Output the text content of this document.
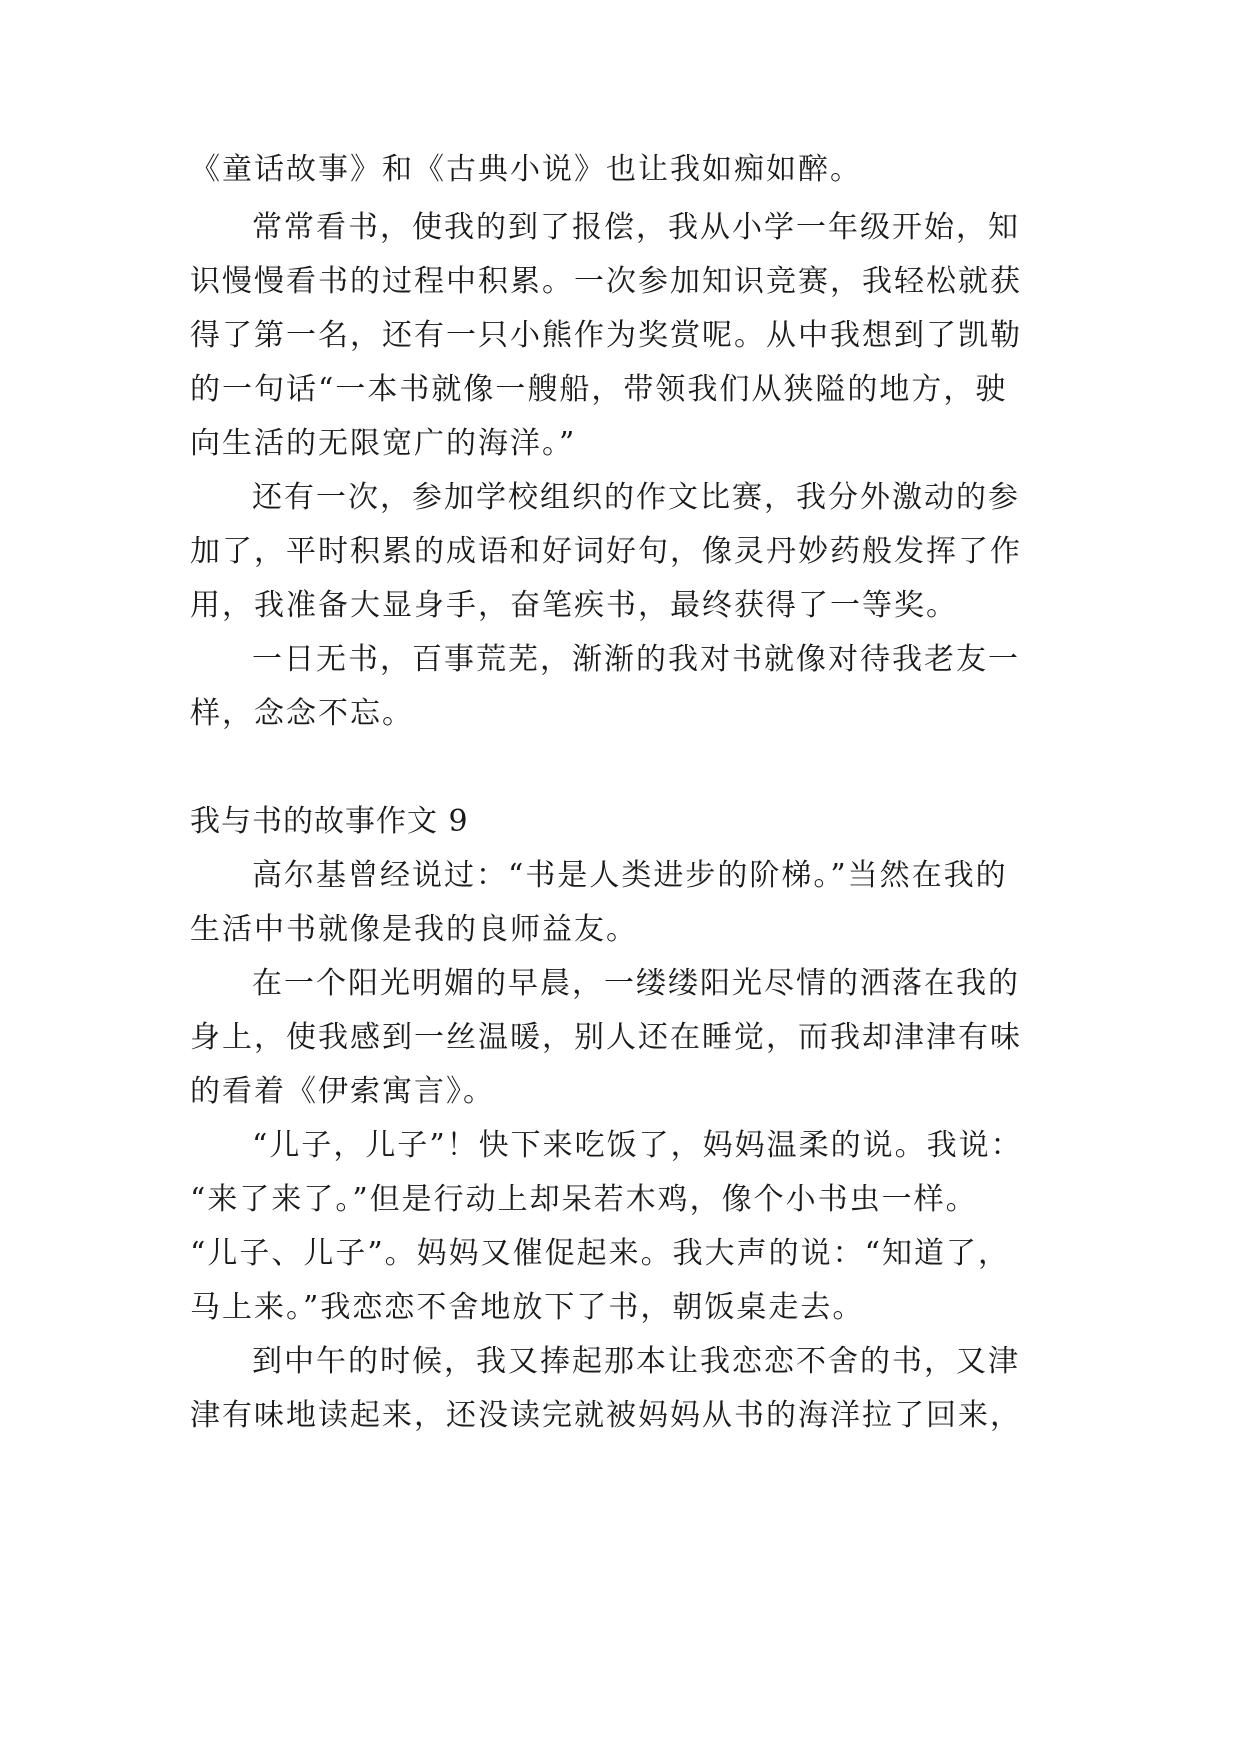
《童话故事》和《古典小说》也让我如痴如醉。
常常看书，使我的到了报偿，我从小学一年级开始，知
识慢慢看书的过程中积累。一次参加知识竞赛，我轻松就获
得了第一名，还有一只小熊作为奖赏呢。从中我想到了凯勒
的一句话“一本书就像一艘船，带领我们从狭隘的地方，驶
向生活的无限宽广的海洋。”
还有一次，参加学校组织的作文比赛，我分外激动的参
加了，平时积累的成语和好词好句，像灵丹妙药般发挥了作
用，我准备大显身手，奋笔疾书，最终获得了一等奖。
一日无书，百事荒芜，渐渐的我对书就像对待我老友一
样，念念不忘。
我与书的故事作文 9
高尔基曾经说过：“书是人类进步的阶梯。”当然在我的
生活中书就像是我的良师益友。
在一个阳光明媚的早晨，一缕缕阳光尽情的洒落在我的
身上，使我感到一丝温暖，别人还在睡觉，而我却津津有味
的看着《伊索寓言》。
“儿子，儿子”！快下来吃饭了，妈妈温柔的说。我说：
“来了来了。”但是行动上却呆若木鸡，像个小书虫一样。
“儿子、儿子”。妈妈又催促起来。我大声的说：“知道了，
马上来。”我恋恋不舍地放下了书，朝饭桌走去。
到中午的时候，我又捧起那本让我恋恋不舍的书，又津
津有味地读起来，还没读完就被妈妈从书的海洋拉了回来，
